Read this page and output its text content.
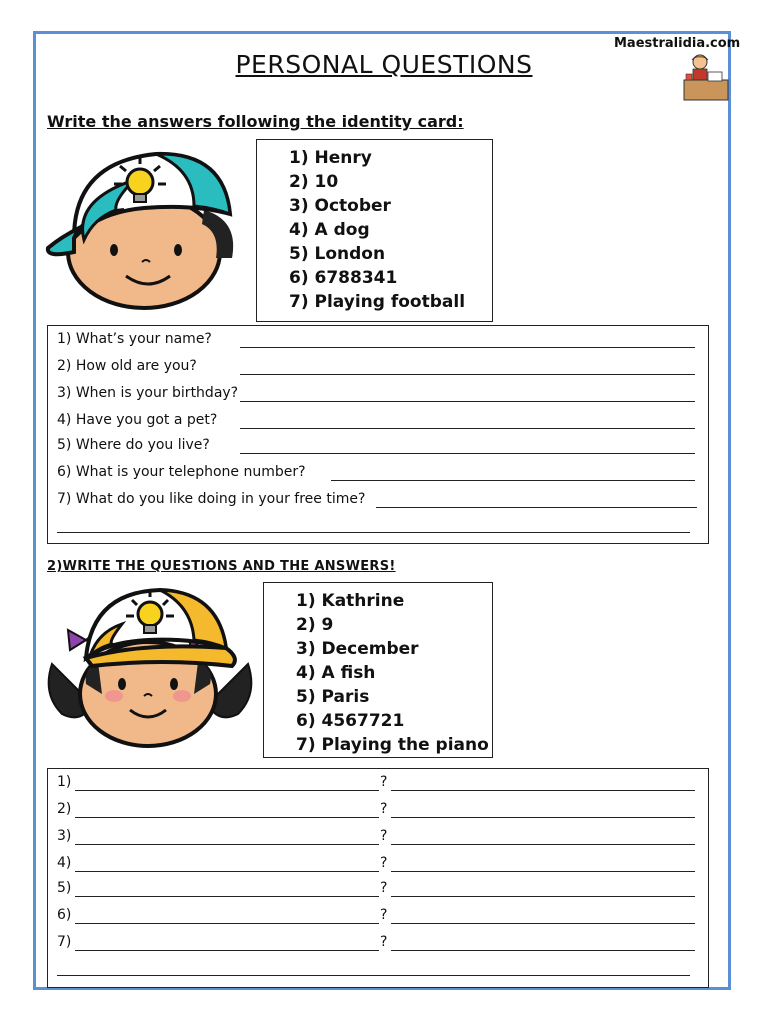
Maestralidia.com
PERSONAL QUESTIONS
Write the answers following the identity card:
1) Henry
2) 10
3) October
4) A dog
5) London
6) 6788341
7) Playing football
1) What’s your name?
2) How old are you?
3) When is your birthday?
4) Have you got a pet?
5) Where do you live?
6) What is your telephone number?
7) What do you like doing in your free time?
2)WRITE THE QUESTIONS AND THE ANSWERS!
1) Kathrine
2) 9
3) December
4) A fish
5) Paris
6) 4567721
7) Playing the piano
1)	?
2)	?
3)	?
4)	?
5)	?
6)	?
7)	?
